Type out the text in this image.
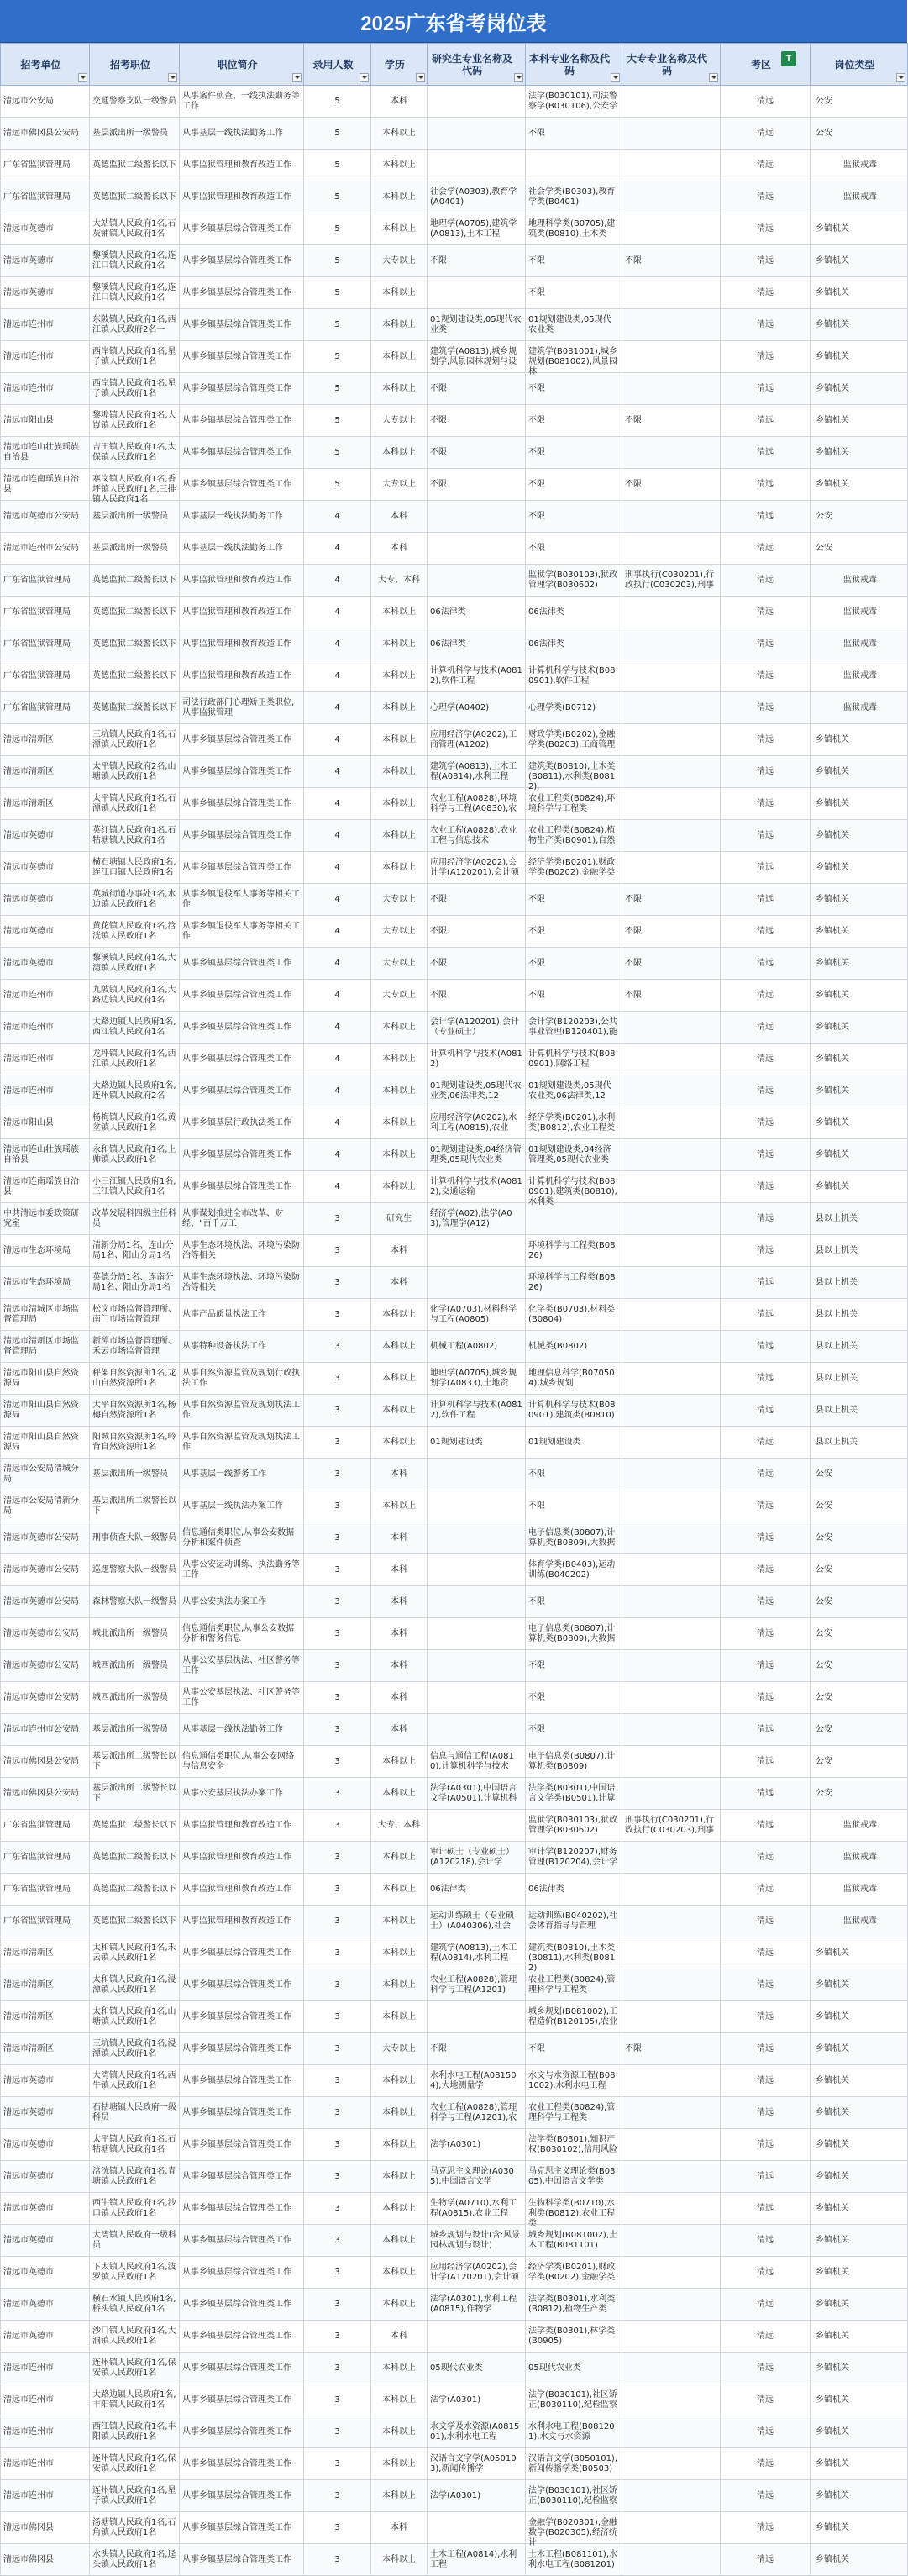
2025广东省考岗位表
招考单位	招考职位	职位简介	录用人数	学历	研究生专业名称及代码	本科专业名称及代码	大专专业名称及代码	考区 T	岗位类型

清远市公安局	交通警察支队一级警员	从事案件侦查、一线执法勤务等工作	5	本科		法学(B030101),司法警察学(B030106),公安学		清远	公安

清远市佛冈县公安局	基层派出所一级警员	从事基层一线执法勤务工作	5	本科以上		不限		清远	公安

广东省监狱管理局	英德监狱二级警长以下	从事监狱管理和教育改造工作	5	本科以上				清远	监狱戒毒

广东省监狱管理局	英德监狱二级警长以下	从事监狱管理和教育改造工作	5	本科以上	社会学(A0303),教育学(A0401)	社会学类(B0303),教育学类(B0401)		清远	监狱戒毒

清远市英德市	大站镇人民政府1名,石灰铺镇人民政府1名	从事乡镇基层综合管理类工作	5	本科以上	地理学(A0705),建筑学(A0813),土木工程	地理科学类(B0705),建筑类(B0810),土木类		清远	乡镇机关

清远市英德市	黎溪镇人民政府1名,连江口镇人民政府1名	从事乡镇基层综合管理类工作	5	大专以上	不限	不限	不限	清远	乡镇机关

清远市英德市	黎溪镇人民政府1名,连江口镇人民政府1名	从事乡镇基层综合管理类工作	5	本科以上		不限		清远	乡镇机关

清远市连州市	东陂镇人民政府1名,西江镇人民政府2名一	从事乡镇基层综合管理类工作	5	本科以上	01规划建设类,05现代农业类	01规划建设类,05现代农业类		清远	乡镇机关

清远市连州市	西岸镇人民政府1名,星子镇人民政府1名	从事乡镇基层综合管理类工作	5	本科以上	建筑学(A0813),城乡规划学,风景园林规划与设	建筑学(B081001),城乡规划(B081002),风景园林		清远	乡镇机关

清远市连州市	西岸镇人民政府1名,星子镇人民政府1名	从事乡镇基层综合管理类工作	5	本科以上	不限	不限		清远	乡镇机关

清远市阳山县	黎埠镇人民政府1名,大崀镇人民政府1名	从事乡镇基层综合管理类工作	5	大专以上	不限	不限	不限	清远	乡镇机关

清远市连山壮族瑶族自治县	吉田镇人民政府1名,太保镇人民政府1名	从事乡镇基层综合管理类工作	5	本科以上	不限	不限		清远	乡镇机关

清远市连南瑶族自治县	寨岗镇人民政府1名,香坪镇人民政府1名,三排镇人民政府1名	从事乡镇基层综合管理类工作	5	大专以上	不限	不限	不限	清远	乡镇机关

清远市英德市公安局	基层派出所一级警员	从事基层一线执法勤务工作	4	本科		不限		清远	公安

清远市连州市公安局	基层派出所一级警员	从事基层一线执法勤务工作	4	本科		不限		清远	公安

广东省监狱管理局	英德监狱二级警长以下	从事监狱管理和教育改造工作	4	大专、本科		监狱学(B030103),狱政管理学(B030602)	刑事执行(C030201),行政执行(C030203),刑事	清远	监狱戒毒

广东省监狱管理局	英德监狱二级警长以下	从事监狱管理和教育改造工作	4	本科以上	06法律类	06法律类		清远	监狱戒毒

广东省监狱管理局	英德监狱二级警长以下	从事监狱管理和教育改造工作	4	本科以上	06法律类	06法律类		清远	监狱戒毒

广东省监狱管理局	英德监狱二级警长以下	从事监狱管理和教育改造工作	4	本科以上	计算机科学与技术(A0812),软件工程	计算机科学与技术(B080901),软件工程		清远	监狱戒毒

广东省监狱管理局	英德监狱二级警长以下	司法行政部门心理矫正类职位,从事监狱管理	4	本科以上	心理学(A0402)	心理学类(B0712)		清远	监狱戒毒

清远市清新区	三坑镇人民政府1名,石潭镇人民政府1名	从事乡镇基层综合管理类工作	4	本科以上	应用经济学(A0202),工商管理(A1202)	财政学类(B0202),金融学类(B0203),工商管理		清远	乡镇机关

清远市清新区	太平镇人民政府2名,山塘镇人民政府1名	从事乡镇基层综合管理类工作	4	本科以上	建筑学(A0813),土木工程(A0814),水利工程	建筑类(B0810),土木类(B0811),水利类(B0812),		清远	乡镇机关

清远市清新区	太平镇人民政府1名,石潭镇人民政府1名	从事乡镇基层综合管理类工作	4	本科以上	农业工程(A0828),环境科学与工程(A0830),农	农业工程类(B0824),环境科学与工程类		清远	乡镇机关

清远市英德市	英红镇人民政府1名,石牯塘镇人民政府1名	从事乡镇基层综合管理类工作	4	本科以上	农业工程(A0828),农业工程与信息技术	农业工程类(B0824),植物生产类(B0901),自然		清远	乡镇机关

清远市英德市	横石塘镇人民政府1名,连江口镇人民政府1名	从事乡镇基层综合管理类工作	4	本科以上	应用经济学(A0202),会计学(A120201),会计硕	经济学类(B0201),财政学类(B0202),金融学类		清远	乡镇机关

清远市英德市	英城街道办事处1名,水边镇人民政府1名	从事乡镇退役军人事务等相关工作	4	大专以上	不限	不限	不限	清远	乡镇机关

清远市英德市	黄花镇人民政府1名,浛洸镇人民政府1名	从事乡镇退役军人事务等相关工作	4	大专以上	不限	不限	不限	清远	乡镇机关

清远市英德市	黎溪镇人民政府1名,大湾镇人民政府1名	从事乡镇基层综合管理类工作	4	大专以上	不限	不限	不限	清远	乡镇机关

清远市连州市	九陂镇人民政府1名,大路边镇人民政府1名	从事乡镇基层综合管理类工作	4	大专以上	不限	不限	不限	清远	乡镇机关

清远市连州市	大路边镇人民政府1名,西江镇人民政府1名	从事乡镇基层综合管理类工作	4	本科以上	会计学(A120201),会计（专业硕士）	会计学(B120203),公共事业管理(B120401),能		清远	乡镇机关

清远市连州市	龙坪镇人民政府1名,西江镇人民政府1名	从事乡镇基层综合管理类工作	4	本科以上	计算机科学与技术(A0812)	计算机科学与技术(B080901),网络工程		清远	乡镇机关

清远市连州市	大路边镇人民政府1名,连州镇人民政府2名	从事乡镇基层综合管理类工作	4	本科以上	01规划建设类,05现代农业类,06法律类,12	01规划建设类,05现代农业类,06法律类,12		清远	乡镇机关

清远市阳山县	杨梅镇人民政府1名,黄坌镇人民政府1名	从事乡镇基层行政执法类工作	4	本科以上	应用经济学(A0202),水利工程(A0815),农业	经济学类(B0201),水利类(B0812),农业工程类		清远	乡镇机关

清远市连山壮族瑶族自治县	永和镇人民政府1名,上帅镇人民政府1名	从事乡镇基层综合管理类工作	4	本科以上	01规划建设类,04经济管理类,05现代农业类	01规划建设类,04经济管理类,05现代农业类		清远	乡镇机关

清远市连南瑶族自治县	小三江镇人民政府1名,三江镇人民政府1名	从事乡镇基层综合管理类工作	4	本科以上	计算机科学与技术(A0812),交通运输	计算机科学与技术(B080901),建筑类(B0810),水利类		清远	乡镇机关

中共清远市委政策研究室	改革发展科四级主任科员	从事谋划推进全市改革、财经、"百千万工	3	研究生	经济学(A02),法学(A03),管理学(A12)			清远	县以上机关

清远市生态环境局	清新分局1名、连山分局1名、阳山分局1名	从事生态环境执法、环境污染防治等相关	3	本科		环境科学与工程类(B0826)		清远	县以上机关

清远市生态环境局	英德分局1名、连南分局1名、阳山分局1名	从事生态环境执法、环境污染防治等相关	3	本科		环境科学与工程类(B0826)		清远	县以上机关

清远市清城区市场监督管理局	松岗市场监督管理所、南门市场监督管理	从事产品质量执法工作	3	本科以上	化学(A0703),材料科学与工程(A0805)	化学类(B0703),材料类(B0804)		清远	县以上机关

清远市清新区市场监督管理局	新潭市场监督管理所、禾云市场监督管理	从事特种设备执法工作	3	本科以上	机械工程(A0802)	机械类(B0802)		清远	县以上机关

清远市阳山县自然资源局	秤架自然资源所1名,龙山自然资源所1名	从事自然资源监管及规划行政执法工作	3	本科以上	地理学(A0705),城乡规划学(A0833),土地资	地理信息科学(B070504),城乡规划		清远	县以上机关

清远市阳山县自然资源局	太平自然资源所1名,杨梅自然资源所1名	从事自然资源监管及规划执法工作	3	本科以上	计算机科学与技术(A0812),软件工程	计算机科学与技术(B080901),建筑类(B0810)		清远	县以上机关

清远市阳山县自然资源局	阳城自然资源所1名,岭背自然资源所1名	从事自然资源监管及规划执法工作	3	本科以上	01规划建设类	01规划建设类		清远	县以上机关

清远市公安局清城分局	基层派出所一级警员	从事基层一线警务工作	3	本科		不限		清远	公安

清远市公安局清新分局	基层派出所二级警长以下	从事基层一线执法办案工作	3	本科以上		不限		清远	公安

清远市英德市公安局	刑事侦查大队一级警员	信息通信类职位,从事公安数据分析和案件侦查	3	本科		电子信息类(B0807),计算机类(B0809),大数据		清远	公安

清远市英德市公安局	巡逻警察大队一级警员	从事公安运动训练、执法勤务等工作	3	本科		体育学类(B0403),运动训练(B040202)		清远	公安

清远市英德市公安局	森林警察大队一级警员	从事公安执法办案工作	3	本科		不限		清远	公安

清远市英德市公安局	城北派出所一级警员	信息通信类职位,从事公安数据分析和警务信息	3	本科		电子信息类(B0807),计算机类(B0809),大数据		清远	公安

清远市英德市公安局	城西派出所一级警员	从事公安基层执法、社区警务等工作	3	本科		不限		清远	公安

清远市英德市公安局	城西派出所一级警员	从事公安基层执法、社区警务等工作	3	本科		不限		清远	公安

清远市连州市公安局	基层派出所一级警员	从事基层一线执法勤务工作	3	本科		不限		清远	公安

清远市佛冈县公安局	基层派出所二级警长以下	信息通信类职位,从事公安网络与信息安全	3	本科以上	信息与通信工程(A0810),计算机科学与技术	电子信息类(B0807),计算机类(B0809)		清远	公安

清远市佛冈县公安局	基层派出所二级警长以下	从事公安基层执法办案工作	3	本科以上	法学(A0301),中国语言文学(A0501),计算机科	法学类(B0301),中国语言文学类(B0501),计算		清远	公安

广东省监狱管理局	英德监狱二级警长以下	从事监狱管理和教育改造工作	3	大专、本科		监狱学(B030103),狱政管理学(B030602)	刑事执行(C030201),行政执行(C030203),刑事	清远	监狱戒毒

广东省监狱管理局	英德监狱二级警长以下	从事监狱管理和教育改造工作	3	本科以上	审计硕士（专业硕士）(A120218),会计学	审计学(B120207),财务管理(B120204),会计学		清远	监狱戒毒

广东省监狱管理局	英德监狱二级警长以下	从事监狱管理和教育改造工作	3	本科以上	06法律类	06法律类		清远	监狱戒毒

广东省监狱管理局	英德监狱二级警长以下	从事监狱管理和教育改造工作	3	本科以上	运动训练硕士（专业硕士）(A040306),社会	运动训练(B040202),社会体育指导与管理		清远	监狱戒毒

清远市清新区	太和镇人民政府1名,禾云镇人民政府1名	从事乡镇基层综合管理类工作	3	本科以上	建筑学(A0813),土木工程(A0814),水利工程	建筑类(B0810),土木类(B0811),水利类(B0812)		清远	乡镇机关

清远市清新区	太和镇人民政府1名,浸潭镇人民政府1名	从事乡镇基层综合管理类工作	3	本科以上	农业工程(A0828),管理科学与工程(A1201)	农业工程类(B0824),管理科学与工程类		清远	乡镇机关

清远市清新区	太和镇人民政府1名,山塘镇人民政府1名	从事乡镇基层综合管理类工作	3	本科以上		城乡规划(B081002),工程造价(B120105),农业		清远	乡镇机关

清远市清新区	三坑镇人民政府1名,浸潭镇人民政府1名	从事乡镇基层综合管理类工作	3	大专以上	不限	不限	不限	清远	乡镇机关

清远市英德市	大湾镇人民政府1名,西牛镇人民政府1名	从事乡镇基层综合管理类工作	3	本科以上	水利水电工程(A081504),大地测量学	水文与水资源工程(B081002),水利水电工程		清远	乡镇机关

清远市英德市	石牯塘镇人民政府一级科员	从事乡镇基层综合管理类工作	3	本科以上	农业工程(A0828),管理科学与工程(A1201),农	农业工程类(B0824),管理科学与工程类		清远	乡镇机关

清远市英德市	太平镇人民政府1名,石牯塘镇人民政府1名	从事乡镇基层综合管理类工作	3	本科以上	法学(A0301)	法学类(B0301),知识产权(B030102),信用风险		清远	乡镇机关

清远市英德市	浛洸镇人民政府1名,青塘镇人民政府1名	从事乡镇基层综合管理类工作	3	本科以上	马克思主义理论(A0305),中国语言文学	马克思主义理论类(B0305),中国语言文学类		清远	乡镇机关

清远市英德市	西牛镇人民政府1名,沙口镇人民政府1名	从事乡镇基层综合管理类工作	3	本科以上	生物学(A0710),水利工程(A0815),农业工程	生物科学类(B0710),水利类(B0812),农业工程类		清远	乡镇机关

清远市英德市	大湾镇人民政府一级科员	从事乡镇基层综合管理类工作	3	本科以上	城乡规划与设计(含:风景园林规划与设计)	城乡规划(B081002),土木工程(B081101)		清远	乡镇机关

清远市英德市	下太镇人民政府1名,波罗镇人民政府1名	从事乡镇基层综合管理类工作	3	本科以上	应用经济学(A0202),会计学(A120201),会计硕	经济学类(B0201),财政学类(B0202),金融学类		清远	乡镇机关

清远市英德市	横石水镇人民政府1名,桥头镇人民政府1名	从事乡镇基层综合管理类工作	3	本科以上	法学(A0301),水利工程(A0815),作物学	法学类(B0301),水利类(B0812),植物生产类		清远	乡镇机关

清远市英德市	沙口镇人民政府1名,大洞镇人民政府1名	从事乡镇基层综合管理类工作	3	本科		法学类(B0301),林学类(B0905)		清远	乡镇机关

清远市连州市	连州镇人民政府1名,保安镇人民政府1名	从事乡镇基层综合管理类工作	3	本科以上	05现代农业类	05现代农业类		清远	乡镇机关

清远市连州市	大路边镇人民政府1名,丰阳镇人民政府1名	从事乡镇基层综合管理类工作	3	本科以上	法学(A0301)	法学(B030101),社区矫正(B030110),纪检监察		清远	乡镇机关

清远市连州市	西江镇人民政府1名,丰阳镇人民政府1名	从事乡镇基层综合管理类工作	3	本科以上	水文学及水资源(A081501),水利水电工程	水利水电工程(B081201),水文与水资源		清远	乡镇机关

清远市连州市	连州镇人民政府1名,保安镇人民政府1名	从事乡镇基层综合管理类工作	3	本科以上	汉语言文字学(A050103),新闻传播学	汉语言文学(B050101),新闻传播学类(B0503)		清远	乡镇机关

清远市连州市	连州镇人民政府1名,星子镇人民政府1名	从事乡镇基层综合管理类工作	3	本科以上	法学(A0301)	法学(B030101),社区矫正(B030110),纪检监察		清远	乡镇机关

清远市佛冈县	汤塘镇人民政府1名,石角镇人民政府1名	从事乡镇基层综合管理类工作	3	本科		金融学(B020301),金融数学(B020305),经济统计		清远	乡镇机关

清远市佛冈县	水头镇人民政府1名,迳头镇人民政府1名	从事乡镇基层综合管理类工作	3	本科以上	土木工程(A0814),水利工程	土木工程(B081101),水利水电工程(B081201)		清远	乡镇机关
